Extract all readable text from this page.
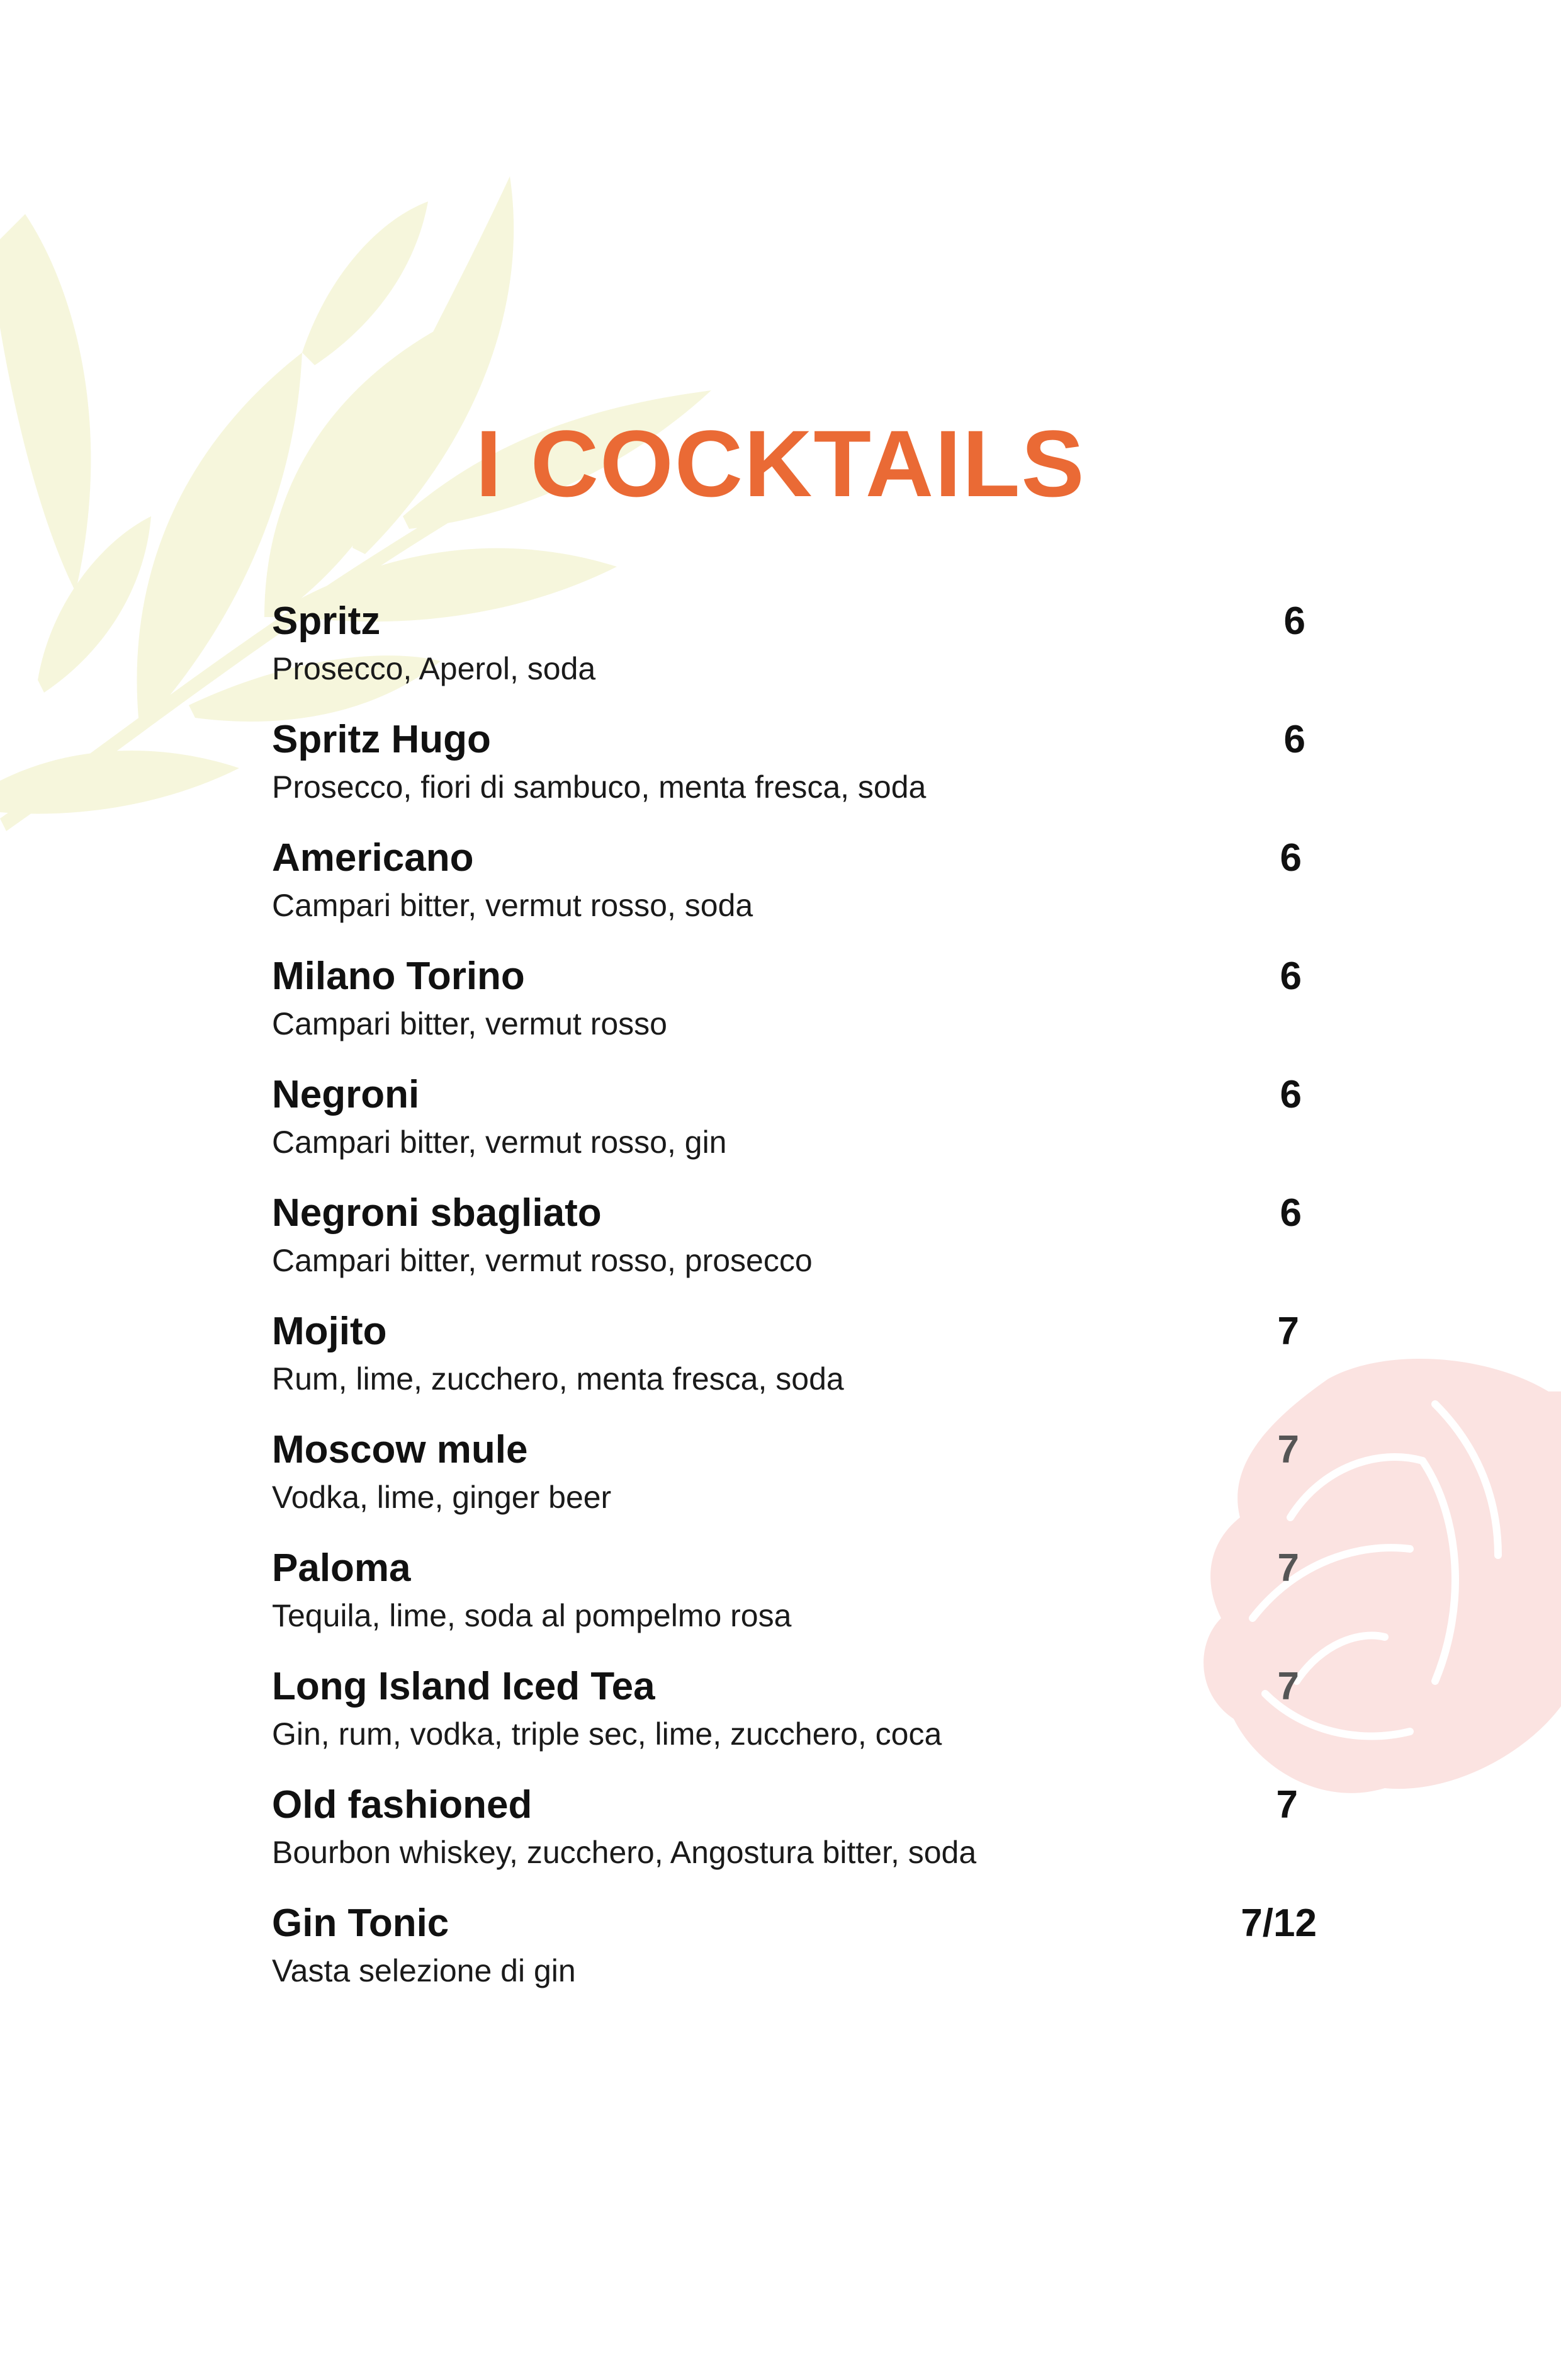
I COCKTAILS
Spritz
Prosecco, Aperol, soda
6
Spritz Hugo
Prosecco, fiori di sambuco, menta fresca, soda
6
Americano
Campari bitter, vermut rosso, soda
6
Milano Torino
Campari bitter, vermut rosso
6
Negroni
Campari bitter, vermut rosso, gin
6
Negroni sbagliato
Campari bitter, vermut rosso, prosecco
6
Mojito
Rum, lime, zucchero, menta fresca, soda
7
Moscow mule
Vodka, lime, ginger beer
7
Paloma
Tequila, lime, soda al pompelmo rosa
7
Long Island Iced Tea
Gin, rum, vodka, triple sec, lime, zucchero, coca
7
Old fashioned
Bourbon whiskey, zucchero, Angostura bitter, soda
7
Gin Tonic
Vasta selezione di gin
7/12
